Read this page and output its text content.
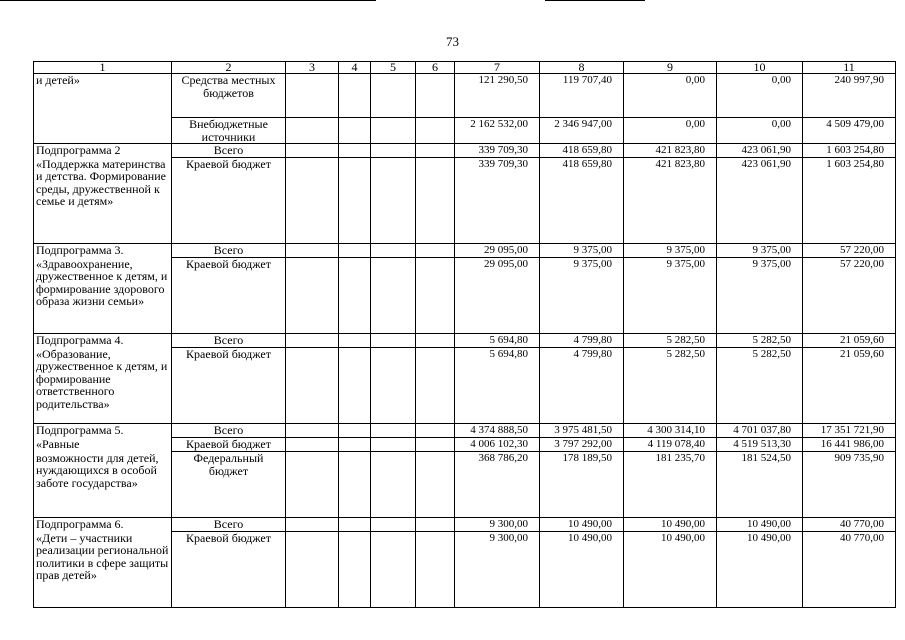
73
1	2	3	4	5	6	7	8	9	10	11
и детей»	Средства местных бюджетов					121 290,50	119 707,40	0,00	0,00	240 997,90
	Внебюджетные источники					2 162 532,00	2 346 947,00	0,00	0,00	4 509 479,00
Подпрограмма 2	Всего					339 709,30	418 659,80	421 823,80	423 061,90	1 603 254,80
«Поддержка материнства и детства. Формирование среды, дружественной к семье и детям»	Краевой бюджет					339 709,30	418 659,80	421 823,80	423 061,90	1 603 254,80
Подпрограмма 3.	Всего					29 095,00	9 375,00	9 375,00	9 375,00	57 220,00
«Здравоохранение, дружественное к детям, и формирование здорового образа жизни семьи»	Краевой бюджет					29 095,00	9 375,00	9 375,00	9 375,00	57 220,00
Подпрограмма 4.	Всего					5 694,80	4 799,80	5 282,50	5 282,50	21 059,60
«Образование, дружественное к детям, и формирование ответственного родительства»	Краевой бюджет					5 694,80	4 799,80	5 282,50	5 282,50	21 059,60
Подпрограмма 5.	Всего					4 374 888,50	3 975 481,50	4 300 314,10	4 701 037,80	17 351 721,90
«Равные	Краевой бюджет					4 006 102,30	3 797 292,00	4 119 078,40	4 519 513,30	16 441 986,00
возможности для детей, нуждающихся в особой заботе государства»	Федеральный бюджет					368 786,20	178 189,50	181 235,70	181 524,50	909 735,90
Подпрограмма 6.	Всего					9 300,00	10 490,00	10 490,00	10 490,00	40 770,00
«Дети – участники реализации региональной политики в сфере защиты прав детей»	Краевой бюджет					9 300,00	10 490,00	10 490,00	10 490,00	40 770,00
